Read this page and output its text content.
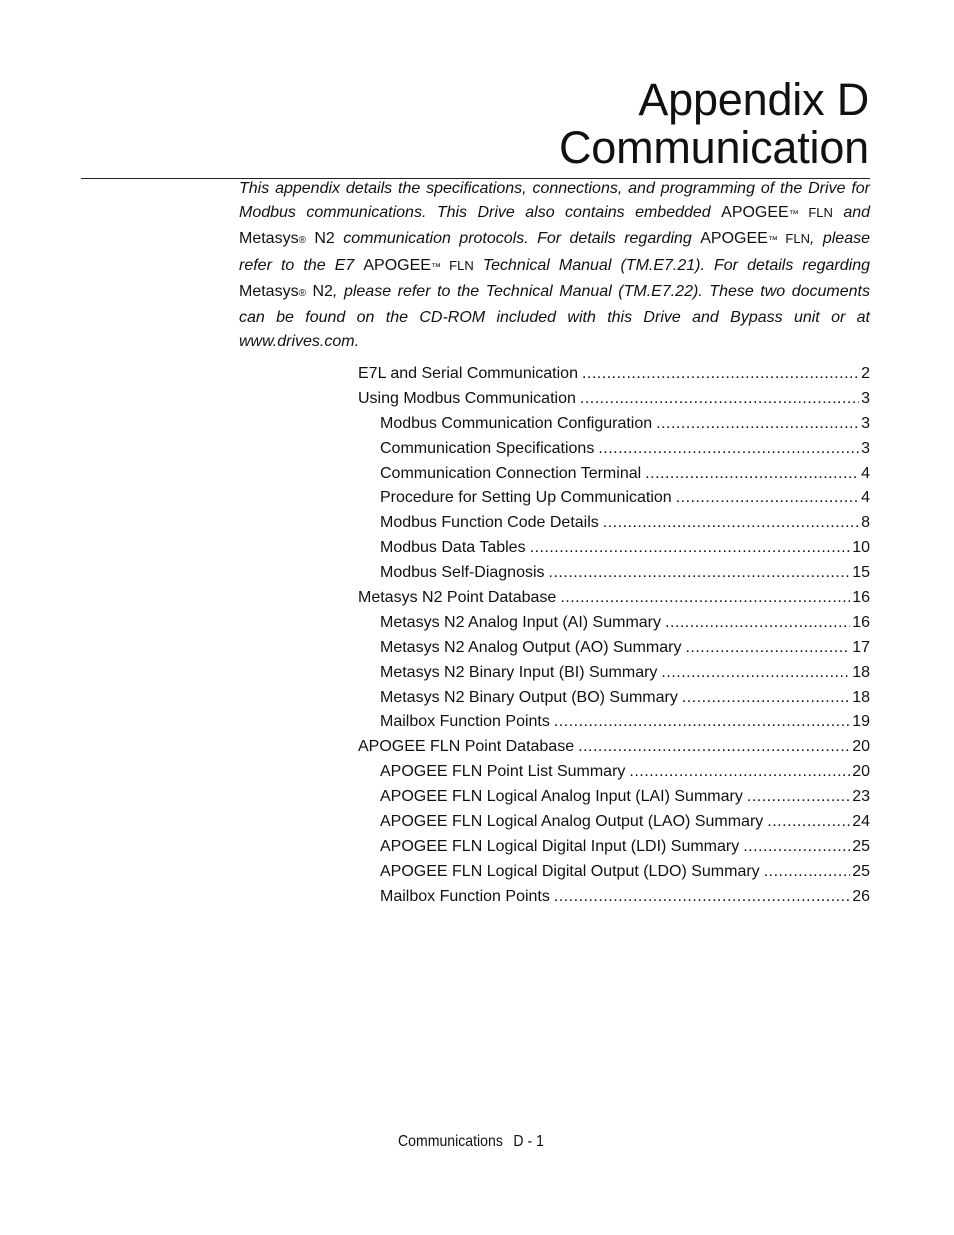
Appendix D
Communication

This appendix details the specifications, connections, and programming of the Drive for Modbus communications. This Drive also contains embedded APOGEE™ FLN and Metasys® N2 communication protocols. For details regarding APOGEE™ FLN, please refer to the E7 APOGEE™ FLN Technical Manual (TM.E7.21). For details regarding Metasys® N2, please refer to the Technical Manual (TM.E7.22). These two documents can be found on the CD-ROM included with this Drive and Bypass unit or at www.drives.com.

E7L and Serial Communication .....	2
Using Modbus Communication .....	3
Modbus Communication Configuration .....	3
Communication Specifications .....	3
Communication Connection Terminal .....	4
Procedure for Setting Up Communication .....	4
Modbus Function Code Details .....	8
Modbus Data Tables .....	10
Modbus Self-Diagnosis .....	15
Metasys N2 Point Database .....	16
Metasys N2 Analog Input (AI) Summary .....	16
Metasys N2 Analog Output (AO) Summary .....	17
Metasys N2 Binary Input (BI) Summary .....	18
Metasys N2 Binary Output (BO) Summary .....	18
Mailbox Function Points .....	19
APOGEE FLN Point Database .....	20
APOGEE FLN Point List Summary .....	20
APOGEE FLN Logical Analog Input (LAI) Summary .....	23
APOGEE FLN Logical Analog Output (LAO) Summary .....	24
APOGEE FLN Logical Digital Input (LDI) Summary .....	25
APOGEE FLN Logical Digital Output (LDO) Summary .....	25
Mailbox Function Points .....	26
Communications D - 1
